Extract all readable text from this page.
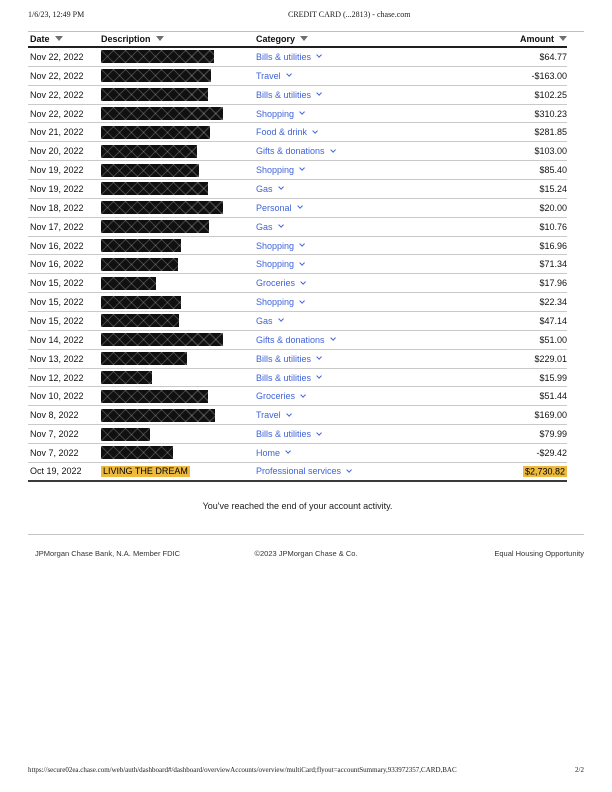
1/6/23, 12:49 PM	CREDIT CARD (...2813) - chase.com
Date	Description	Category	Amount
Nov 22, 2022	Bills & utilities	$64.77
Nov 22, 2022	Travel	-$163.00
Nov 22, 2022	Bills & utilities	$102.25
Nov 22, 2022	Shopping	$310.23
Nov 21, 2022	Food & drink	$281.85
Nov 20, 2022	Gifts & donations	$103.00
Nov 19, 2022	Shopping	$85.40
Nov 19, 2022	Gas	$15.24
Nov 18, 2022	Personal	$20.00
Nov 17, 2022	Gas	$10.76
Nov 16, 2022	Shopping	$16.96
Nov 16, 2022	Shopping	$71.34
Nov 15, 2022	Groceries	$17.96
Nov 15, 2022	Shopping	$22.34
Nov 15, 2022	Gas	$47.14
Nov 14, 2022	Gifts & donations	$51.00
Nov 13, 2022	Bills & utilities	$229.01
Nov 12, 2022	Bills & utilities	$15.99
Nov 10, 2022	Groceries	$51.44
Nov 8, 2022	Travel	$169.00
Nov 7, 2022	Bills & utilities	$79.99
Nov 7, 2022	Home	-$29.42
Oct 19, 2022	LIVING THE DREAM	Professional services	$2,730.82
You've reached the end of your account activity.
JPMorgan Chase Bank, N.A. Member FDIC	©2023 JPMorgan Chase & Co.	Equal Housing Opportunity
https://secure02ea.chase.com/web/auth/dashboard#/dashboard/overviewAccounts/overview/multiCard;flyout=accountSummary,933972357,CARD,BAC	2/2
